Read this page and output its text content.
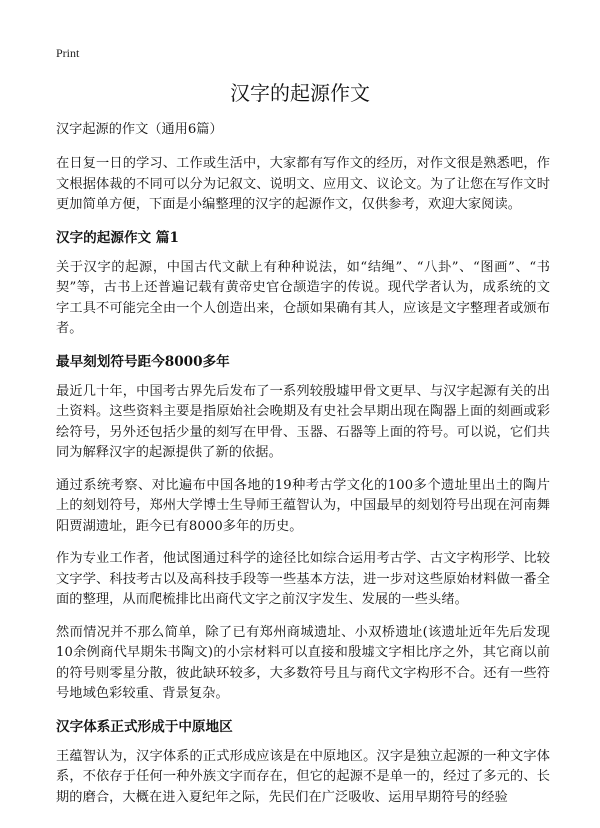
Print
汉字的起源作文

汉字起源的作文（通用6篇）

在日复一日的学习、工作或生活中，大家都有写作文的经历，对作文很是熟悉吧，作文根据体裁的不同可以分为记叙文、说明文、应用文、议论文。为了让您在写作文时更加简单方便，下面是小编整理的汉字的起源作文，仅供参考，欢迎大家阅读。

汉字的起源作文 篇1

关于汉字的起源，中国古代文献上有种种说法，如“结绳”、“八卦”、“图画”、“书契”等，古书上还普遍记载有黄帝史官仓颉造字的传说。现代学者认为，成系统的文字工具不可能完全由一个人创造出来，仓颉如果确有其人，应该是文字整理者或颁布者。

最早刻划符号距今8000多年

最近几十年，中国考古界先后发布了一系列较殷墟甲骨文更早、与汉字起源有关的出土资料。这些资料主要是指原始社会晚期及有史社会早期出现在陶器上面的刻画或彩绘符号，另外还包括少量的刻写在甲骨、玉器、石器等上面的符号。可以说，它们共同为解释汉字的起源提供了新的依据。

通过系统考察、对比遍布中国各地的19种考古学文化的100多个遗址里出土的陶片上的刻划符号，郑州大学博士生导师王蕴智认为，中国最早的刻划符号出现在河南舞阳贾湖遗址，距今已有8000多年的历史。

作为专业工作者，他试图通过科学的途径比如综合运用考古学、古文字构形学、比较文字学、科技考古以及高科技手段等一些基本方法，进一步对这些原始材料做一番全面的整理，从而爬梳排比出商代文字之前汉字发生、发展的一些头绪。

然而情况并不那么简单，除了已有郑州商城遗址、小双桥遗址(该遗址近年先后发现10余例商代早期朱书陶文)的小宗材料可以直接和殷墟文字相比序之外，其它商以前的符号则零星分散，彼此缺环较多，大多数符号且与商代文字构形不合。还有一些符号地域色彩较重、背景复杂。

汉字体系正式形成于中原地区

王蕴智认为，汉字体系的正式形成应该是在中原地区。汉字是独立起源的一种文字体系，不依存于任何一种外族文字而存在，但它的起源不是单一的，经过了多元的、长期的磨合，大概在进入夏纪年之际，先民们在广泛吸收、运用早期符号的经验
